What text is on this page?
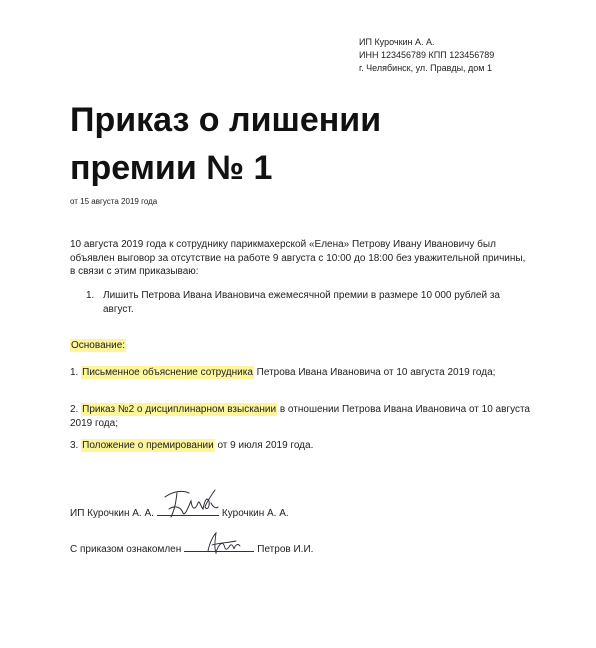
ИП Курочкин А. А.
ИНН 123456789 КПП 123456789
г. Челябинск, ул. Правды, дом 1
Приказ о лишении
премии № 1
от 15 августа 2019 года
10 августа 2019 года к сотруднику парикмахерской «Елена» Петрову Ивану Ивановичу был объявлен выговор за отсутствие на работе 9 августа с 10:00 до 18:00 без уважительной причины, в связи с этим приказываю:
1. Лишить Петрова Ивана Ивановича ежемесячной премии в размере 10 000 рублей за август.
Основание:
1. Письменное объяснение сотрудника Петрова Ивана Ивановича от 10 августа 2019 года;
2. Приказ №2 о дисциплинарном взыскании в отношении Петрова Ивана Ивановича от 10 августа 2019 года;
3. Положение о премировании от 9 июля 2019 года.
ИП Курочкин А. А.	Курочкин А. А.
С приказом ознакомлен	Петров И.И.
